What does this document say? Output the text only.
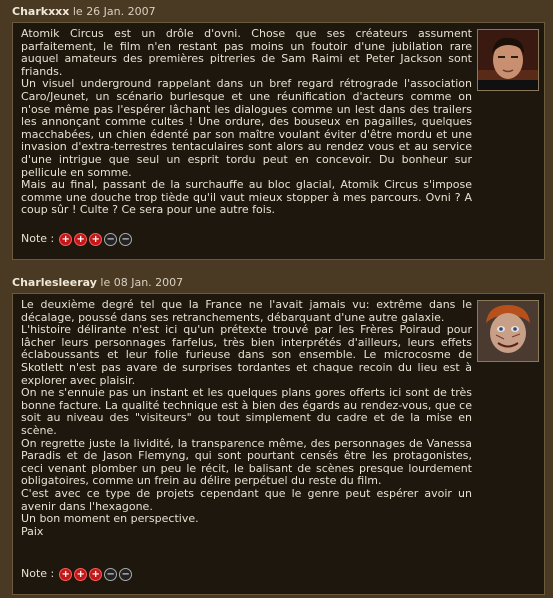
Charkxxx le 26 Jan. 2007

Atomik Circus est un drôle d'ovni. Chose que ses créateurs assument parfaitement, le film n'en restant pas moins un foutoir d'une jubilation rare auquel amateurs des premières pitreries de Sam Raimi et Peter Jackson sont friands.

Un visuel underground rappelant dans un bref regard rétrograde l'association Caro/Jeunet, un scénario burlesque et une réunification d'acteurs comme on n'ose même pas l'espérer lâchant les dialogues comme un lest dans des trailers les annonçant comme cultes ! Une ordure, des bouseux en pagailles, quelques macchabées, un chien édenté par son maître voulant éviter d'être mordu et une invasion d'extra-terrestres tentaculaires sont alors au rendez vous et au service d'une intrigue que seul un esprit tordu peut en concevoir. Du bonheur sur pellicule en somme.

Mais au final, passant de la surchauffe au bloc glacial, Atomik Circus s'impose comme une douche trop tiède qu'il vaut mieux stopper à mes parcours. Ovni ? A coup sûr ! Culte ? Ce sera pour une autre fois.

Note : + + + − −
Charlesleeray le 08 Jan. 2007

Le deuxième degré tel que la France ne l'avait jamais vu: extrême dans le décalage, poussé dans ses retranchements, débarquant d'une autre galaxie.

L'histoire délirante n'est ici qu'un prétexte trouvé par les Frères Poiraud pour lâcher leurs personnages farfelus, très bien interprétés d'ailleurs, leurs effets éclaboussants et leur folie furieuse dans son ensemble. Le microcosme de Skotlett n'est pas avare de surprises tordantes et chaque recoin du lieu est à explorer avec plaisir.

On ne s'ennuie pas un instant et les quelques plans gores offerts ici sont de très bonne facture. La qualité technique est à bien des égards au rendez-vous, que ce soit au niveau des "visiteurs" ou tout simplement du cadre et de la mise en scène.

On regrette juste la lividité, la transparence même, des personnages de Vanessa Paradis et de Jason Flemyng, qui sont pourtant censés être les protagonistes, ceci venant plomber un peu le récit, le balisant de scènes presque lourdement obligatoires, comme un frein au délire perpétuel du reste du film.

C'est avec ce type de projets cependant que le genre peut espérer avoir un avenir dans l'hexagone.

Un bon moment en perspective.

Paix

Note : + + + − −
